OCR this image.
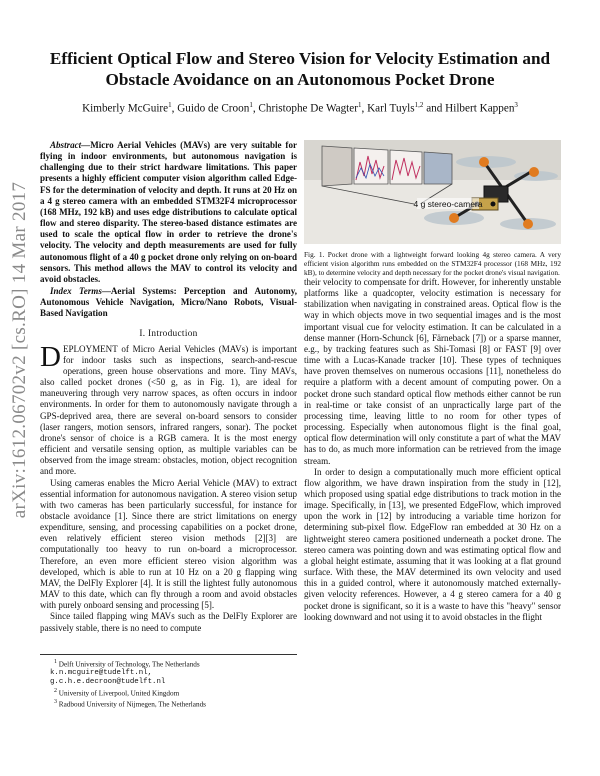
arXiv:1612.06702v2 [cs.RO] 14 Mar 2017
Efficient Optical Flow and Stereo Vision for Velocity Estimation and Obstacle Avoidance on an Autonomous Pocket Drone
Kimberly McGuire$^1$, Guido de Croon$^1$, Christophe De Wagter$^1$, Karl Tuyls$^{1,2}$ and Hilbert Kappen$^3$

Abstract—Micro Aerial Vehicles (MAVs) are very suitable for flying in indoor environments, but autonomous navigation is challenging due to their strict hardware limitations. This paper presents a highly efficient computer vision algorithm called Edge-FS for the determination of velocity and depth. It runs at 20 Hz on a 4 g stereo camera with an embedded STM32F4 microprocessor (168 MHz, 192 kB) and uses edge distributions to calculate optical flow and stereo disparity. The stereo-based distance estimates are used to scale the optical flow in order to retrieve the drone's velocity. The velocity and depth measurements are used for fully autonomous flight of a 40 g pocket drone only relying on on-board sensors. This method allows the MAV to control its velocity and avoid obstacles.

Index Terms—Aerial Systems: Perception and Autonomy, Autonomous Vehicle Navigation, Micro/Nano Robots, Visual-Based Navigation

I. Introduction

DEPLOYMENT of Micro Aerial Vehicles (MAVs) is important for indoor tasks such as inspections, search-and-rescue operations, green house observations and more. Tiny MAVs, also called pocket drones (<50 g, as in Fig. 1), are ideal for maneuvering through very narrow spaces, as often occurs in indoor environments. In order for them to autonomously navigate through a GPS-deprived area, there are several on-board sensors to consider (laser rangers, motion sensors, infrared rangers, sonar). The pocket drone's sensor of choice is a RGB camera. It is the most energy efficient and versatile sensing option, as multiple variables can be observed from the image stream: obstacles, motion, object recognition and more.

Using cameras enables the Micro Aerial Vehicle (MAV) to extract essential information for autonomous navigation. A stereo vision setup with two cameras has been particularly successful, for instance for obstacle avoidance [1]. Since there are strict limitations on energy expenditure, sensing, and processing capabilities on a pocket drone, even relatively efficient stereo vision methods [2][3] are computationally too heavy to run on-board a microprocessor. Therefore, an even more efficient stereo vision algorithm was developed, which is able to run at 10 Hz on a 20 g flapping wing MAV, the DelFly Explorer [4]. It is still the lightest fully autonomous MAV to this date, which can fly through a room and avoid obstacles with purely onboard sensing and processing [5].

Since tailed flapping wing MAVs such as the DelFly Explorer are passively stable, there is no need to compute

$^1$ Delft University of Technology, The Netherlands
k.n.mcguire@tudelft.nl,
g.c.h.e.decroon@tudelft.nl
$^2$ University of Liverpool, United Kingdom
$^3$ Radboud University of Nijmegen, The Netherlands
4 g stereo-camera
Fig. 1. Pocket drone with a lightweight forward looking 4g stereo camera. A very efficient vision algorithm runs embedded on the STM32F4 processor (168 MHz, 192 kB), to determine velocity and depth necessary for the pocket drone's visual navigation.

their velocity to compensate for drift. However, for inherently unstable platforms like a quadcopter, velocity estimation is necessary for stabilization when navigating in constrained areas. Optical flow is the way in which objects move in two sequential images and is the most important visual cue for velocity estimation. It can be calculated in a dense manner (Horn-Schunck [6], Färneback [7]) or a sparse manner, e.g., by tracking features such as Shi-Tomasi [8] or FAST [9] over time with a Lucas-Kanade tracker [10]. These types of techniques have proven themselves on numerous occasions [11], nonetheless do require a platform with a decent amount of computing power. On a pocket drone such standard optical flow methods either cannot be run in real-time or take consist of an unpractically large part of the processing time, leaving little to no room for other types of processing. Especially when autonomous flight is the final goal, optical flow determination will only constitute a part of what the MAV has to do, as much more information can be retrieved from the image stream.

In order to design a computationally much more efficient optical flow algorithm, we have drawn inspiration from the study in [12], which proposed using spatial edge distributions to track motion in the image. Specifically, in [13], we presented EdgeFlow, which improved upon the work in [12] by introducing a variable time horizon for determining sub-pixel flow. EdgeFlow ran embedded at 30 Hz on a lightweight stereo camera positioned underneath a pocket drone. The stereo camera was pointing down and was estimating optical flow and a global height estimate, assuming that it was looking at a flat ground surface. With these, the MAV determined its own velocity and used this in a guided control, where it autonomously matched externally-given velocity references. However, a 4 g stereo camera for a 40 g pocket drone is significant, so it is a waste to have this "heavy" sensor looking downward and not using it to avoid obstacles in the flight
